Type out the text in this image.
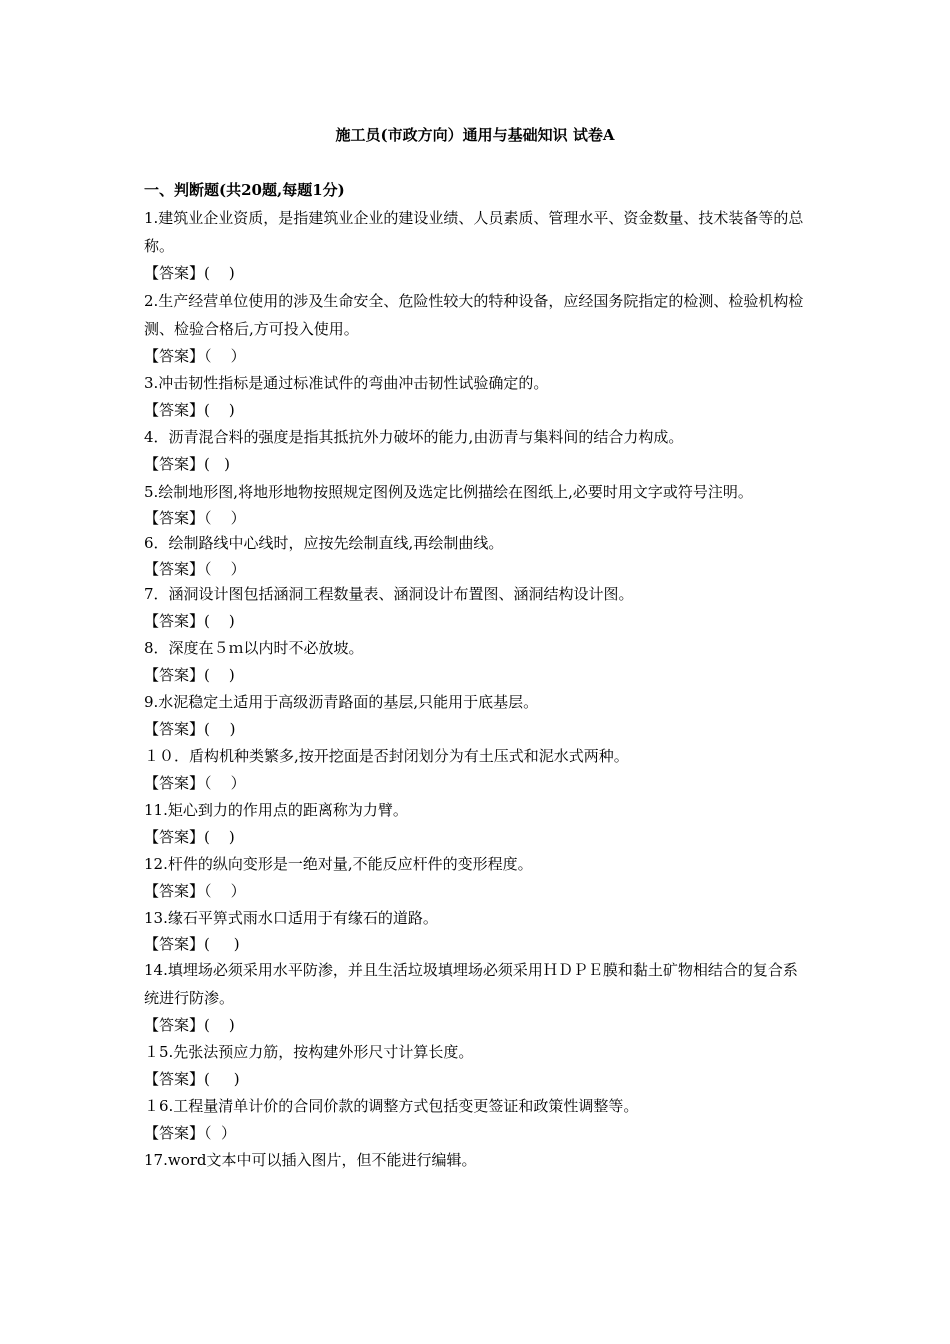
施工员(市政方向）通用与基础知识 试卷A
一、判断题(共20题,每题1分)

1.建筑业企业资质，是指建筑业企业的建设业绩、人员素质、管理水平、资金数量、技术装备等的总称。

【答案】(    )

2.生产经营单位使用的涉及生命安全、危险性较大的特种设备，应经国务院指定的检测、检验机构检测、检验合格后,方可投入使用。

【答案】（    ）

3.冲击韧性指标是通过标准试件的弯曲冲击韧性试验确定的。

【答案】(    )

4．沥青混合料的强度是指其抵抗外力破坏的能力,由沥青与集料间的结合力构成。

【答案】(   )

5.绘制地形图,将地形地物按照规定图例及选定比例描绘在图纸上,必要时用文字或符号注明。

【答案】（    ）

6．绘制路线中心线时，应按先绘制直线,再绘制曲线。

【答案】（    ）

7．涵洞设计图包括涵洞工程数量表、涵洞设计布置图、涵洞结构设计图。

【答案】(    )

8．深度在５ｍ以内时不必放坡。

【答案】(    )

9.水泥稳定土适用于高级沥青路面的基层,只能用于底基层。

【答案】( 　)

１０．盾构机种类繁多,按开挖面是否封闭划分为有土压式和泥水式两种。

【答案】（    ）

11.矩心到力的作用点的距离称为力臂。

【答案】(    )

12.杆件的纵向变形是一绝对量,不能反应杆件的变形程度。

【答案】（    ）

13.缘石平箅式雨水口适用于有缘石的道路。

【答案】(     )

14.填埋场必须采用水平防渗，并且生活垃圾填埋场必须采用ＨＤＰＥ膜和黏土矿物相结合的复合系统进行防渗。

【答案】(    )

１5.先张法预应力筋，按构建外形尺寸计算长度。

【答案】(     )

１6.工程量清单计价的合同价款的调整方式包括变更签证和政策性调整等。

【答案】（  ）

17.word文本中可以插入图片，但不能进行编辑。
